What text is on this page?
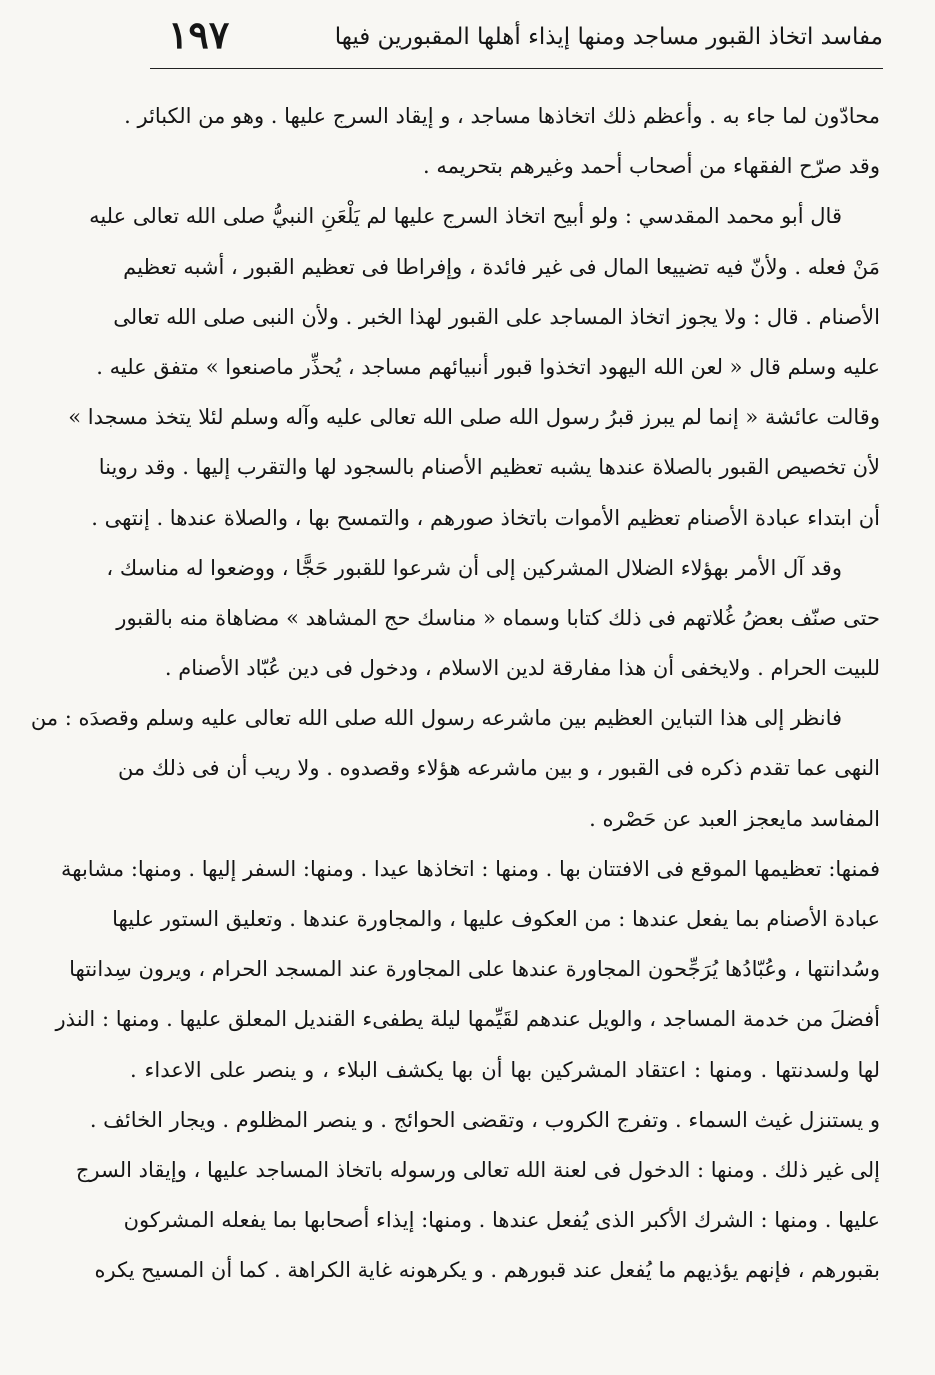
مفاسد اتخاذ القبور مساجد ومنها إيذاء أهلها المقبورين فيها
١٩٧
محادّون لما جاء به . وأعظم ذلك اتخاذها مساجد ، و إيقاد السرج عليها . وهو من الكبائر .
وقد صرّح الفقهاء من أصحاب أحمد وغيرهم بتحريمه .
قال أبو محمد المقدسي : ولو أبيح اتخاذ السرج عليها لم يَلْعَنِ النبيُّ صلى الله تعالى عليه
مَنْ فعله . ولأنّ فيه تضييعا المال فى غير فائدة ، وإفراطا فى تعظيم القبور ، أشبه تعظيم
الأصنام . قال : ولا يجوز اتخاذ المساجد على القبور لهذا الخبر . ولأن النبى صلى الله تعالى
عليه وسلم قال « لعن الله اليهود اتخذوا قبور أنبيائهم مساجد ، يُحذِّر ماصنعوا » متفق عليه .
وقالت عائشة « إنما لم يبرز قبرُ رسول الله صلى الله تعالى عليه وآله وسلم لئلا يتخذ مسجدا »
لأن تخصيص القبور بالصلاة عندها يشبه تعظيم الأصنام بالسجود لها والتقرب إليها . وقد روينا
أن ابتداء عبادة الأصنام تعظيم الأموات باتخاذ صورهم ، والتمسح بها ، والصلاة عندها . إنتهى .
وقد آل الأمر بهؤلاء الضلال المشركين إلى أن شرعوا للقبور حَجًّا ، ووضعوا له مناسك ،
حتى صنّف بعضُ غُلاتهم فى ذلك كتابا وسماه « مناسك حج المشاهد » مضاهاة منه بالقبور
للبيت الحرام . ولايخفى أن هذا مفارقة لدين الاسلام ، ودخول فى دين عُبّاد الأصنام .
فانظر إلى هذا التباين العظيم بين ماشرعه رسول الله صلى الله تعالى عليه وسلم وقصدَه : من
النهى عما تقدم ذكره فى القبور ، و بين ماشرعه هؤلاء وقصدوه . ولا ريب أن فى ذلك من
المفاسد مايعجز العبد عن حَصْره .
فمنها: تعظيمها الموقع فى الافتتان بها . ومنها : اتخاذها عيدا . ومنها: السفر إليها . ومنها: مشابهة
عبادة الأصنام بما يفعل عندها : من العكوف عليها ، والمجاورة عندها . وتعليق الستور عليها
وسُدانتها ، وعُبّادُها يُرَجِّحون المجاورة عندها على المجاورة عند المسجد الحرام ، ويرون سِدانتها
أفضلَ من خدمة المساجد ، والويل عندهم لقَيِّمها ليلة يطفىء القنديل المعلق عليها . ومنها : النذر
لها ولسدنتها . ومنها : اعتقاد المشركين بها أن بها يكشف البلاء ، و ينصر على الاعداء .
و يستنزل غيث السماء . وتفرج الكروب ، وتقضى الحوائج . و ينصر المظلوم . ويجار الخائف .
إلى غير ذلك . ومنها : الدخول فى لعنة الله تعالى ورسوله باتخاذ المساجد عليها ، وإيقاد السرج
عليها . ومنها : الشرك الأكبر الذى يُفعل عندها . ومنها: إيذاء أصحابها بما يفعله المشركون
بقبورهم ، فإنهم يؤذيهم ما يُفعل عند قبورهم . و يكرهونه غاية الكراهة . كما أن المسيح يكره
